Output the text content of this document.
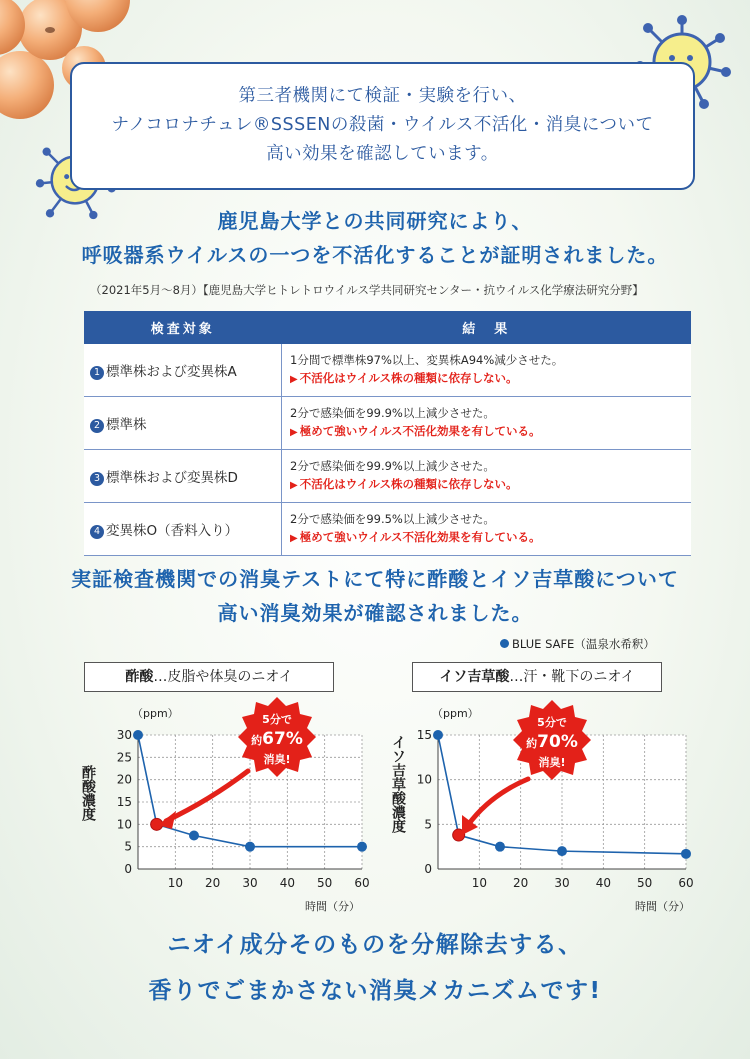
第三者機関にて検証・実験を行い、
ナノコロナチュレ®SSSENの殺菌・ウイルス不活化・消臭について
高い効果を確認しています。
鹿児島大学との共同研究により、
呼吸器系ウイルスの一つを不活化することが証明されました。
（2021年5月〜8月）【鹿児島大学ヒトレトロウイルス学共同研究センター・抗ウイルス化学療法研究分野】
検査対象	結　果
1 標準株および変異株A	1分間で標準株97%以上、変異株A94%減少させた。
▶ 不活化はウイルス株の種類に依存しない。

2 標準株	2分で感染価を99.9%以上減少させた。
▶ 極めて強いウイルス不活化効果を有している。

3 標準株および変異株D	2分で感染価を99.9%以上減少させた。
▶ 不活化はウイルス株の種類に依存しない。

4 変異株O（香料入り）	2分で感染価を99.5%以上減少させた。
▶ 極めて強いウイルス不活化効果を有している。
実証検査機関での消臭テストにて特に酢酸とイソ吉草酸について
高い消臭効果が確認されました。
BLUE SAFE（温泉水希釈）
酢酸…皮脂や体臭のニオイ	イソ吉草酸…汗・靴下のニオイ
（ppm）
酢酸濃度
時間（分）
10 20 30 40 50 60
0
5
10
15
20
25
30
5分で
約67%
消臭!
（ppm）
イソ吉草酸濃度
時間（分）
10 20 30 40 50 60
0
5
10
15
5分で
約70%
消臭!
ニオイ成分そのものを分解除去する、
香りでごまかさない消臭メカニズムです!
